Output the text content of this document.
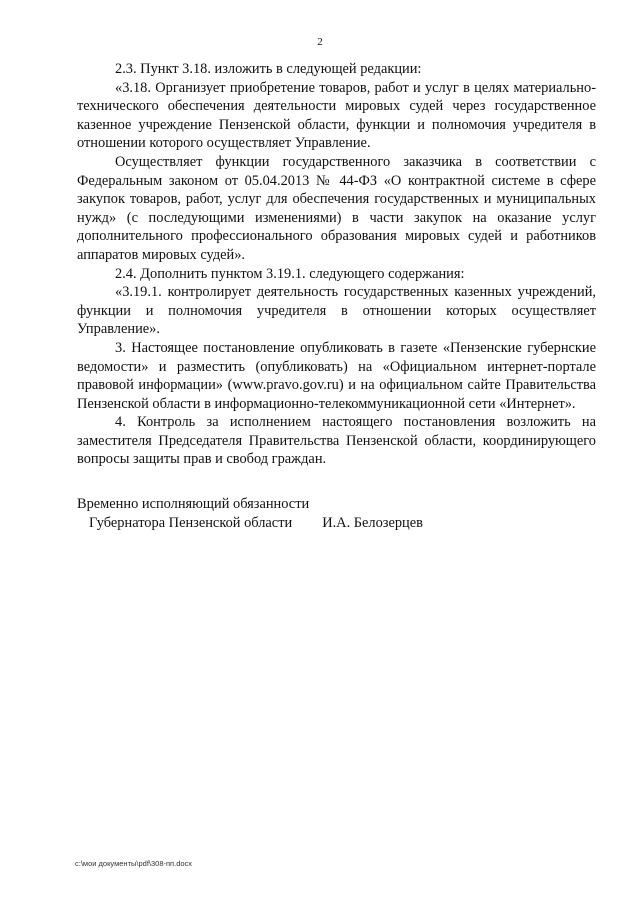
2

2.3. Пункт 3.18. изложить в следующей редакции:

«3.18. Организует приобретение товаров, работ и услуг в целях материально-технического обеспечения деятельности мировых судей через государственное казенное учреждение Пензенской области, функции и полномочия учредителя в отношении которого осуществляет Управление.

Осуществляет функции государственного заказчика в соответствии с Федеральным законом от 05.04.2013 № 44-ФЗ «О контрактной системе в сфере закупок товаров, работ, услуг для обеспечения государственных и муниципальных нужд» (с последующими изменениями) в части закупок на оказание услуг дополнительного профессионального образования мировых судей и работников аппаратов мировых судей».

2.4. Дополнить пунктом 3.19.1. следующего содержания:

«3.19.1. контролирует деятельность государственных казенных учреждений, функции и полномочия учредителя в отношении которых осуществляет Управление».

3. Настоящее постановление опубликовать в газете «Пензенские губернские ведомости» и разместить (опубликовать) на «Официальном интернет-портале правовой информации» (www.pravo.gov.ru) и на официальном сайте Правительства Пензенской области в информационно-телекоммуникационной сети «Интернет».

4. Контроль за исполнением настоящего постановления возложить на заместителя Председателя Правительства Пензенской области, координирующего вопросы защиты прав и свобод граждан.

Временно исполняющий обязанности
Губернатора Пензенской области И.А. Белозерцев
c:\мои документы\pdf\308-пп.docx
